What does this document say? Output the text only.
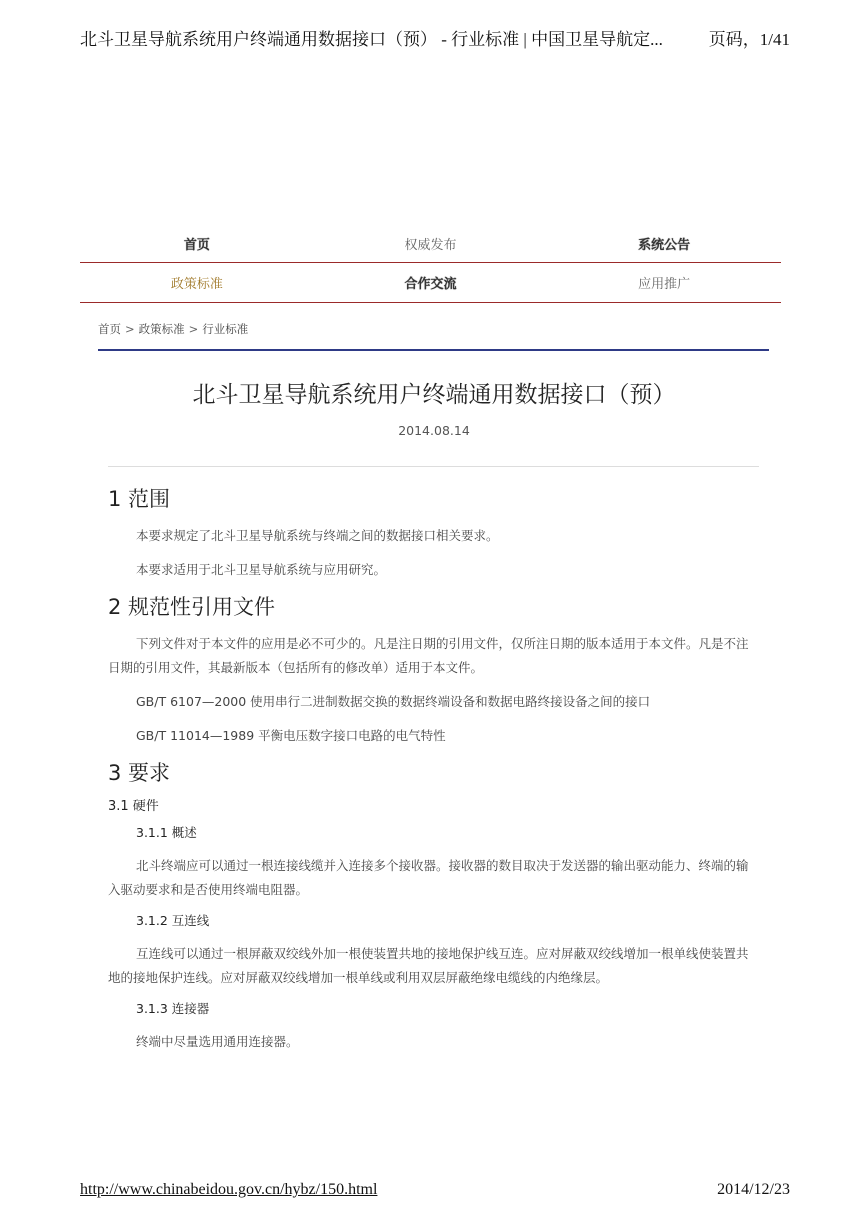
北斗卫星导航系统用户终端通用数据接口（预） - 行业标准 | 中国卫星导航定...	页码，1/41
首页	权威发布	系统公告
政策标准	合作交流	应用推广
首页 > 政策标准 > 行业标准
北斗卫星导航系统用户终端通用数据接口（预）
2014.08.14
1 范围

本要求规定了北斗卫星导航系统与终端之间的数据接口相关要求。

本要求适用于北斗卫星导航系统与应用研究。

2 规范性引用文件

下列文件对于本文件的应用是必不可少的。凡是注日期的引用文件，仅所注日期的版本适用于本文件。凡是不注日期的引用文件，其最新版本（包括所有的修改单）适用于本文件。

GB/T 6107—2000 使用串行二进制数据交换的数据终端设备和数据电路终接设备之间的接口

GB/T 11014—1989 平衡电压数字接口电路的电气特性

3 要求
3.1 硬件
3.1.1 概述

北斗终端应可以通过一根连接线缆并入连接多个接收器。接收器的数目取决于发送器的输出驱动能力、终端的输入驱动要求和是否使用终端电阻器。

3.1.2 互连线

互连线可以通过一根屏蔽双绞线外加一根使装置共地的接地保护线互连。应对屏蔽双绞线增加一根单线使装置共地的接地保护连线。应对屏蔽双绞线增加一根单线或利用双层屏蔽绝缘电缆线的内绝缘层。

3.1.3 连接器

终端中尽量选用通用连接器。

http://www.chinabeidou.gov.cn/hybz/150.html	2014/12/23
